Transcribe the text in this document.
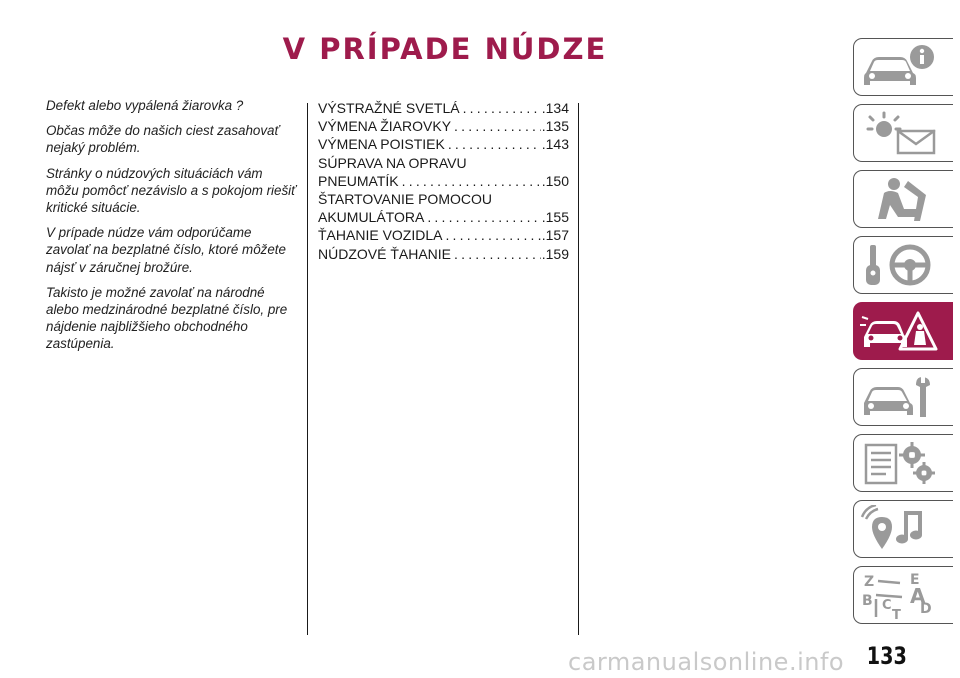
V PRÍPADE NÚDZE

Defekt alebo vypálená žiarovka ?

Občas môže do našich ciest zasahovať nejaký problém.

Stránky o núdzových situáciách vám môžu pomôcť nezávislo a s pokojom riešiť kritické situácie.

V prípade núdze vám odporúčame zavolať na bezplatné číslo, ktoré môžete nájsť v záručnej brožúre.

Takisto je možné zavolať na národné alebo medzinárodné bezplatné číslo, pre nájdenie najbližšieho obchodného zastúpenia.

VÝSTRAŽNÉ SVETLÁ .....	.134
VÝMENA ŽIAROVKY .....	.135
VÝMENA POISTIEK .....	.143
SÚPRAVA NA OPRAVU
PNEUMATÍK .....	.150
ŠTARTOVANIE POMOCOU
AKUMULÁTORA .....	.155
ŤAHANIE VOZIDLA .....	.157
NÚDZOVÉ ŤAHANIE .....	.159
Z	E
A
B C D
T
133
carmanualsonline.info
